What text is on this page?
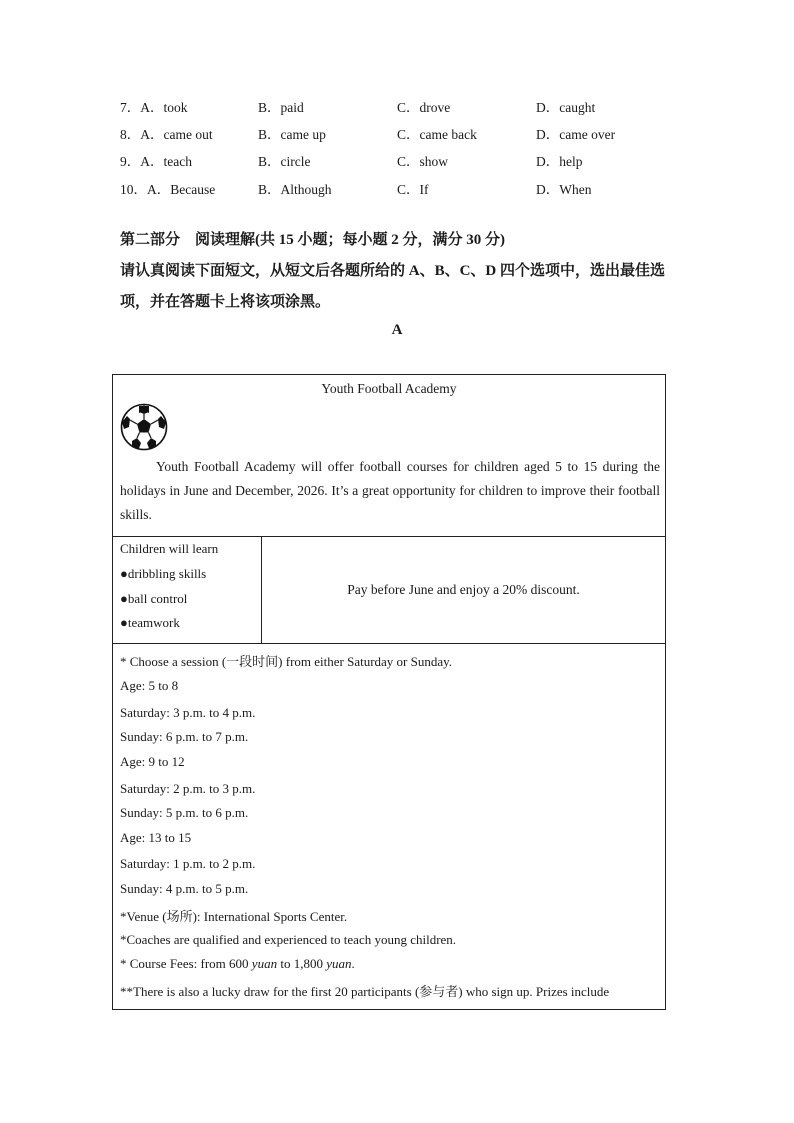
7．A．took	B．paid	C．drove	D．caught
8．A．came out	B．came up	C．came back	D．came over
9．A．teach	B．circle	C．show	D．help
10．A．Because	B．Although	C．If	D．When
第二部分　阅读理解(共 15 小题；每小题 2 分，满分 30 分)
请认真阅读下面短文，从短文后各题所给的 A、B、C、D 四个选项中，选出最佳选项，并在答题卡上将该项涂黑。
A
Youth Football Academy

Youth Football Academy will offer football courses for children aged 5 to 15 during the holidays in June and December, 2026. It’s a great opportunity for children to improve their football skills.

Children will learn
●dribbling skills
●ball control
●teamwork
Pay before June and enjoy a 20% discount.
* Choose a session (一段时间) from either Saturday or Sunday.
Age: 5 to 8
Saturday: 3 p.m. to 4 p.m.
Sunday: 6 p.m. to 7 p.m.
Age: 9 to 12
Saturday: 2 p.m. to 3 p.m.
Sunday: 5 p.m. to 6 p.m.
Age: 13 to 15
Saturday: 1 p.m. to 2 p.m.
Sunday: 4 p.m. to 5 p.m.
*Venue (场所): International Sports Center.
*Coaches are qualified and experienced to teach young children.
* Course Fees: from 600 yuan to 1,800 yuan.
**There is also a lucky draw for the first 20 participants (参与者) who sign up. Prizes include
